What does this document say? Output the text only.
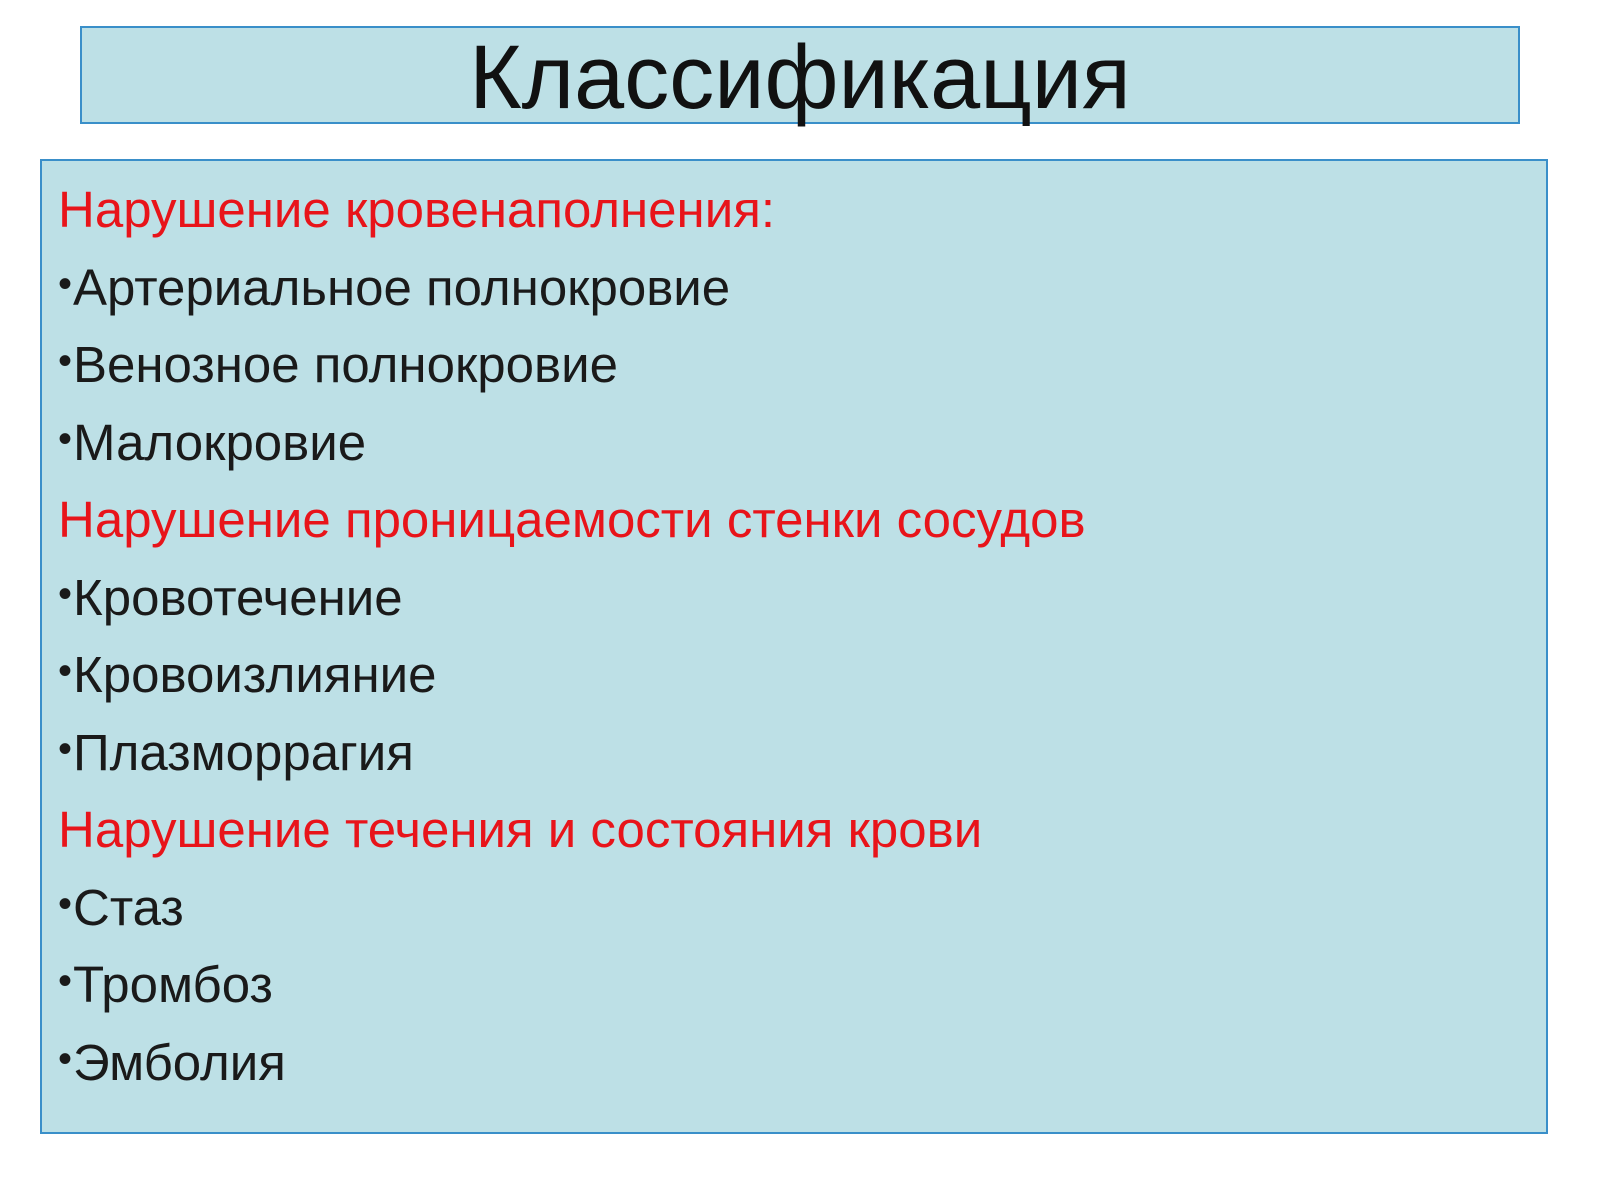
Классификация
Нарушение кровенаполнения:
•Артериальное полнокровие
•Венозное полнокровие
•Малокровие
Нарушение проницаемости стенки сосудов
•Кровотечение
•Кровоизлияние
•Плазморрагия
Нарушение течения и состояния крови
•Стаз
•Тромбоз
•Эмболия
